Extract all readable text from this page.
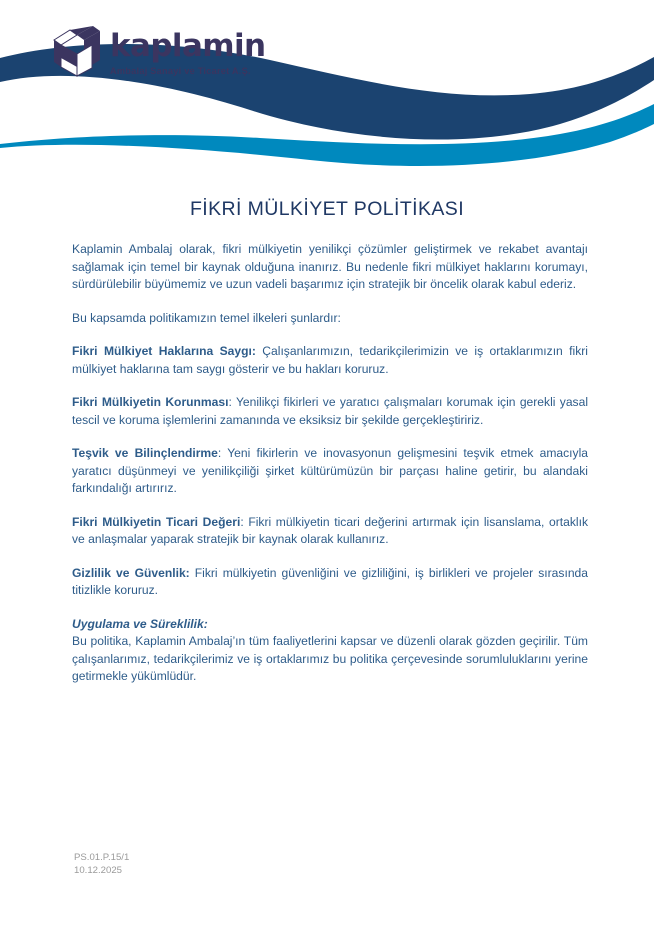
kaplamin
Ambalaj Sanayi ve Ticaret A.Ş.
FİKRİ MÜLKİYET POLİTİKASI

Kaplamin Ambalaj olarak, fikri mülkiyetin yenilikçi çözümler geliştirmek ve rekabet avantajı sağlamak için temel bir kaynak olduğuna inanırız. Bu nedenle fikri mülkiyet haklarını korumayı, sürdürülebilir büyümemiz ve uzun vadeli başarımız için stratejik bir öncelik olarak kabul ederiz.

Bu kapsamda politikamızın temel ilkeleri şunlardır:

Fikri Mülkiyet Haklarına Saygı: Çalışanlarımızın, tedarikçilerimizin ve iş ortaklarımızın fikri mülkiyet haklarına tam saygı gösterir ve bu hakları koruruz.

Fikri Mülkiyetin Korunması: Yenilikçi fikirleri ve yaratıcı çalışmaları korumak için gerekli yasal tescil ve koruma işlemlerini zamanında ve eksiksiz bir şekilde gerçekleştiririz.

Teşvik ve Bilinçlendirme: Yeni fikirlerin ve inovasyonun gelişmesini teşvik etmek amacıyla yaratıcı düşünmeyi ve yenilikçiliği şirket kültürümüzün bir parçası haline getirir, bu alandaki farkındalığı artırırız.

Fikri Mülkiyetin Ticari Değeri: Fikri mülkiyetin ticari değerini artırmak için lisanslama, ortaklık ve anlaşmalar yaparak stratejik bir kaynak olarak kullanırız.

Gizlilik ve Güvenlik: Fikri mülkiyetin güvenliğini ve gizliliğini, iş birlikleri ve projeler sırasında titizlikle koruruz.

Uygulama ve Süreklilik:
Bu politika, Kaplamin Ambalaj’ın tüm faaliyetlerini kapsar ve düzenli olarak gözden geçirilir. Tüm çalışanlarımız, tedarikçilerimiz ve iş ortaklarımız bu politika çerçevesinde sorumluluklarını yerine getirmekle yükümlüdür.

PS.01.P.15/1
10.12.2025
